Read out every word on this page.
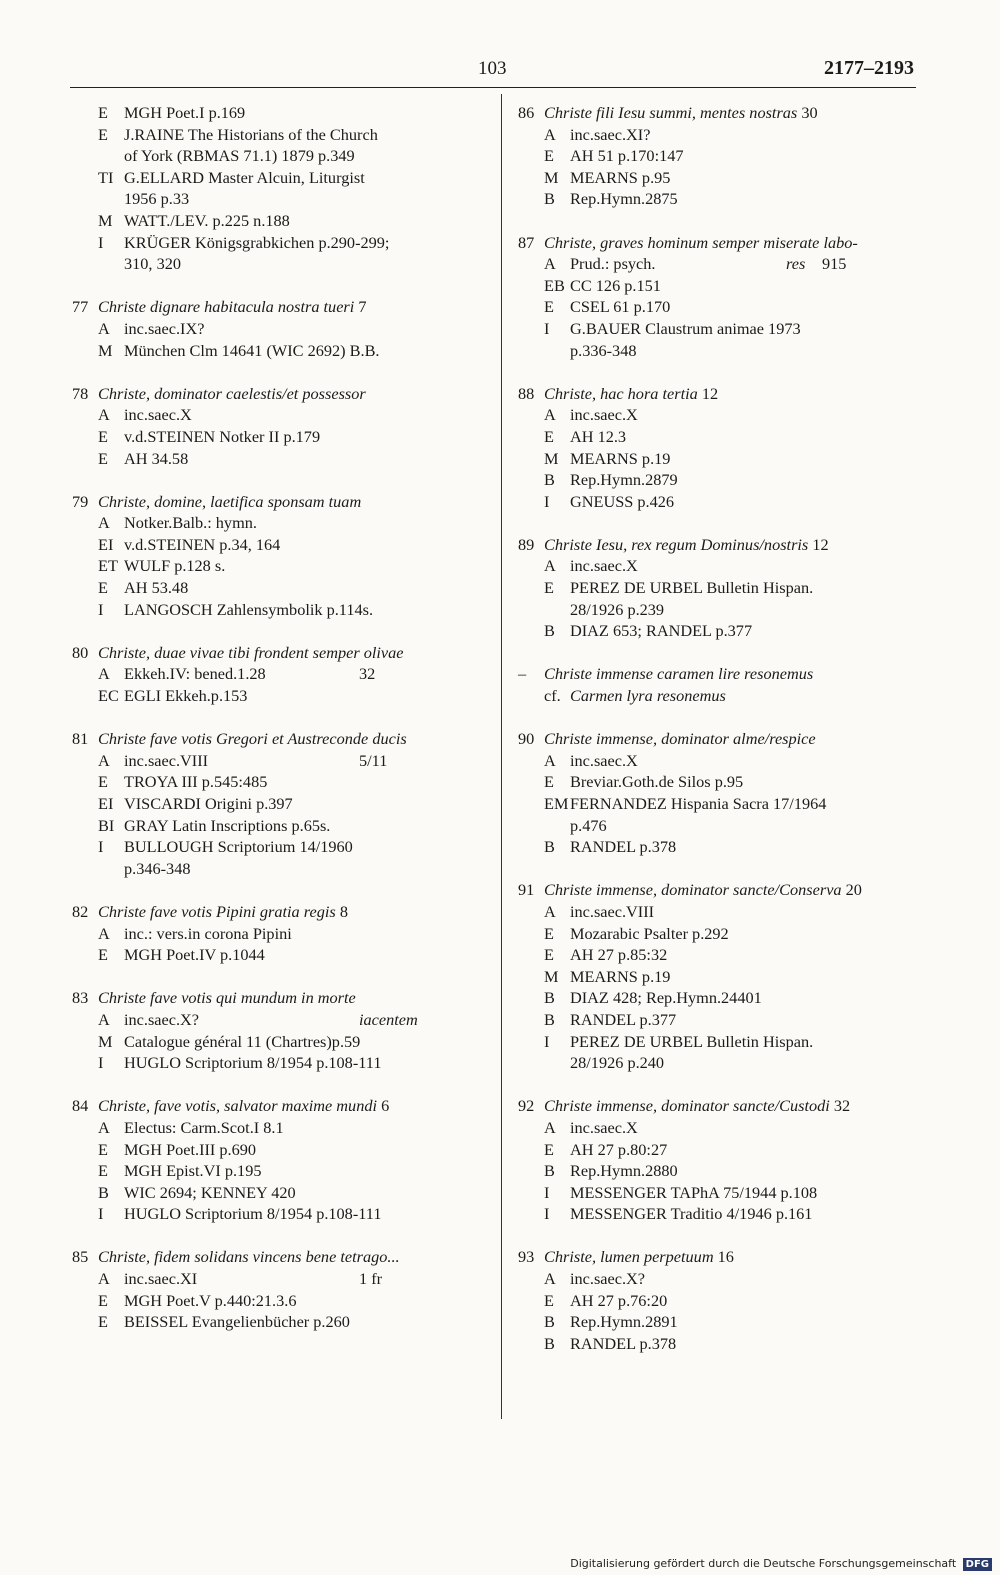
103	2177–2193
E MGH Poet.I p.169
E J.RAINE The Historians of the Church
of York (RBMAS 71.1) 1879 p.349
TI G.ELLARD Master Alcuin, Liturgist
1956 p.33
M WATT./LEV. p.225 n.188
I	KRÜGER Königsgrabkichen p.290-299;
310, 320
77 Christe dignare habitacula nostra tueri 7
A inc.saec.IX?
M München Clm 14641 (WIC 2692) B.B.
78 Christe, dominator caelestis/et possessor
A inc.saec.X
E v.d.STEINEN Notker II p.179
E AH 34.58
79 Christe, domine, laetifica sponsam tuam
A Notker.Balb.: hymn.
EI v.d.STEINEN p.34, 164
ET WULF p.128 s.
E AH 53.48
I	LANGOSCH Zahlensymbolik p.114s.
80 Christe, duae vivae tibi frondent semper olivae
A Ekkeh.IV: bened.1.28	32
EC EGLI Ekkeh.p.153
81 Christe fave votis Gregori et Austreconde ducis
A inc.saec.VIII	5/11
E TROYA III p.545:485
EI VISCARDI Origini p.397
BI GRAY Latin Inscriptions p.65s.
I	BULLOUGH Scriptorium 14/1960
p.346-348
82 Christe fave votis Pipini gratia regis 8
A inc.: vers.in corona Pipini
E MGH Poet.IV p.1044
83 Christe fave votis qui mundum in morte
A inc.saec.X?	iacentem
M Catalogue général 11 (Chartres)p.59
I	HUGLO Scriptorium 8/1954 p.108-111
84 Christe, fave votis, salvator maxime mundi 6
A Electus: Carm.Scot.I 8.1
E MGH Poet.III p.690
E MGH Epist.VI p.195
B WIC 2694; KENNEY 420
I	HUGLO Scriptorium 8/1954 p.108-111
85 Christe, fidem solidans vincens bene tetrago...
A inc.saec.XI	1 fr
E MGH Poet.V p.440:21.3.6
E BEISSEL Evangelienbücher p.260
86 Christe fili Iesu summi, mentes nostras 30
A inc.saec.XI?
E AH 51 p.170:147
M MEARNS p.95
B Rep.Hymn.2875
87 Christe, graves hominum semper miserate labo-
A Prud.: psych.	res 915
EB CC 126 p.151
E CSEL 61 p.170
I	G.BAUER Claustrum animae 1973
p.336-348
88 Christe, hac hora tertia 12
A inc.saec.X
E AH 12.3
M MEARNS p.19
B Rep.Hymn.2879
I	GNEUSS p.426
89 Christe Iesu, rex regum Dominus/nostris 12
A inc.saec.X
E PEREZ DE URBEL Bulletin Hispan.
28/1926 p.239
B DIAZ 653; RANDEL p.377
– Christe immense caramen lire resonemus
cf. Carmen lyra resonemus
90 Christe immense, dominator alme/respice
A inc.saec.X
E Breviar.Goth.de Silos p.95
EM FERNANDEZ Hispania Sacra 17/1964
p.476
B RANDEL p.378
91 Christe immense, dominator sancte/Conserva 20
A inc.saec.VIII
E Mozarabic Psalter p.292
E AH 27 p.85:32
M MEARNS p.19
B DIAZ 428; Rep.Hymn.24401
B RANDEL p.377
I	PEREZ DE URBEL Bulletin Hispan.
28/1926 p.240
92 Christe immense, dominator sancte/Custodi 32
A inc.saec.X
E AH 27 p.80:27
B Rep.Hymn.2880
I	MESSENGER TAPhA 75/1944 p.108
I	MESSENGER Traditio 4/1946 p.161
93 Christe, lumen perpetuum 16
A inc.saec.X?
E AH 27 p.76:20
B Rep.Hymn.2891
B RANDEL p.378
Digitalisierung gefördert durch die Deutsche Forschungsgemeinschaft DFG
